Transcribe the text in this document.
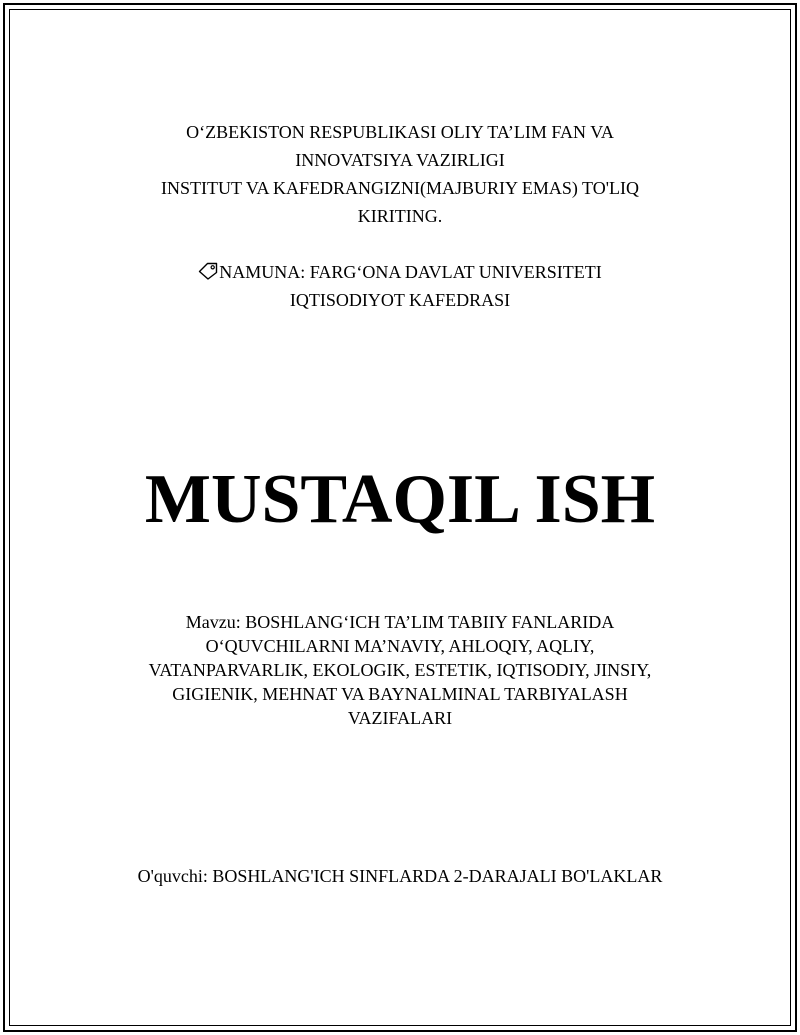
O‘ZBEKISTON RESPUBLIKASI OLIY TA’LIM FAN VA
INNOVATSIYA VAZIRLIGI
INSTITUT VA KAFEDRANGIZNI(MAJBURIY EMAS) TO'LIQ
KIRITING.
NAMUNA: FARG‘ONA DAVLAT UNIVERSITETI
IQTISODIYOT KAFEDRASI
MUSTAQIL ISH
Mavzu: BOSHLANG‘ICH TA’LIM TABIIY FANLARIDA
O‘QUVCHILARNI MA’NAVIY, AHLOQIY, AQLIY,
VATANPARVARLIK, EKOLOGIK, ESTETIK, IQTISODIY, JINSIY,
GIGIENIK, MEHNAT VA BAYNALMINAL TARBIYALASH
VAZIFALARI
O'quvchi: BOSHLANG'ICH SINFLARDA 2-DARAJALI BO'LAKLAR
